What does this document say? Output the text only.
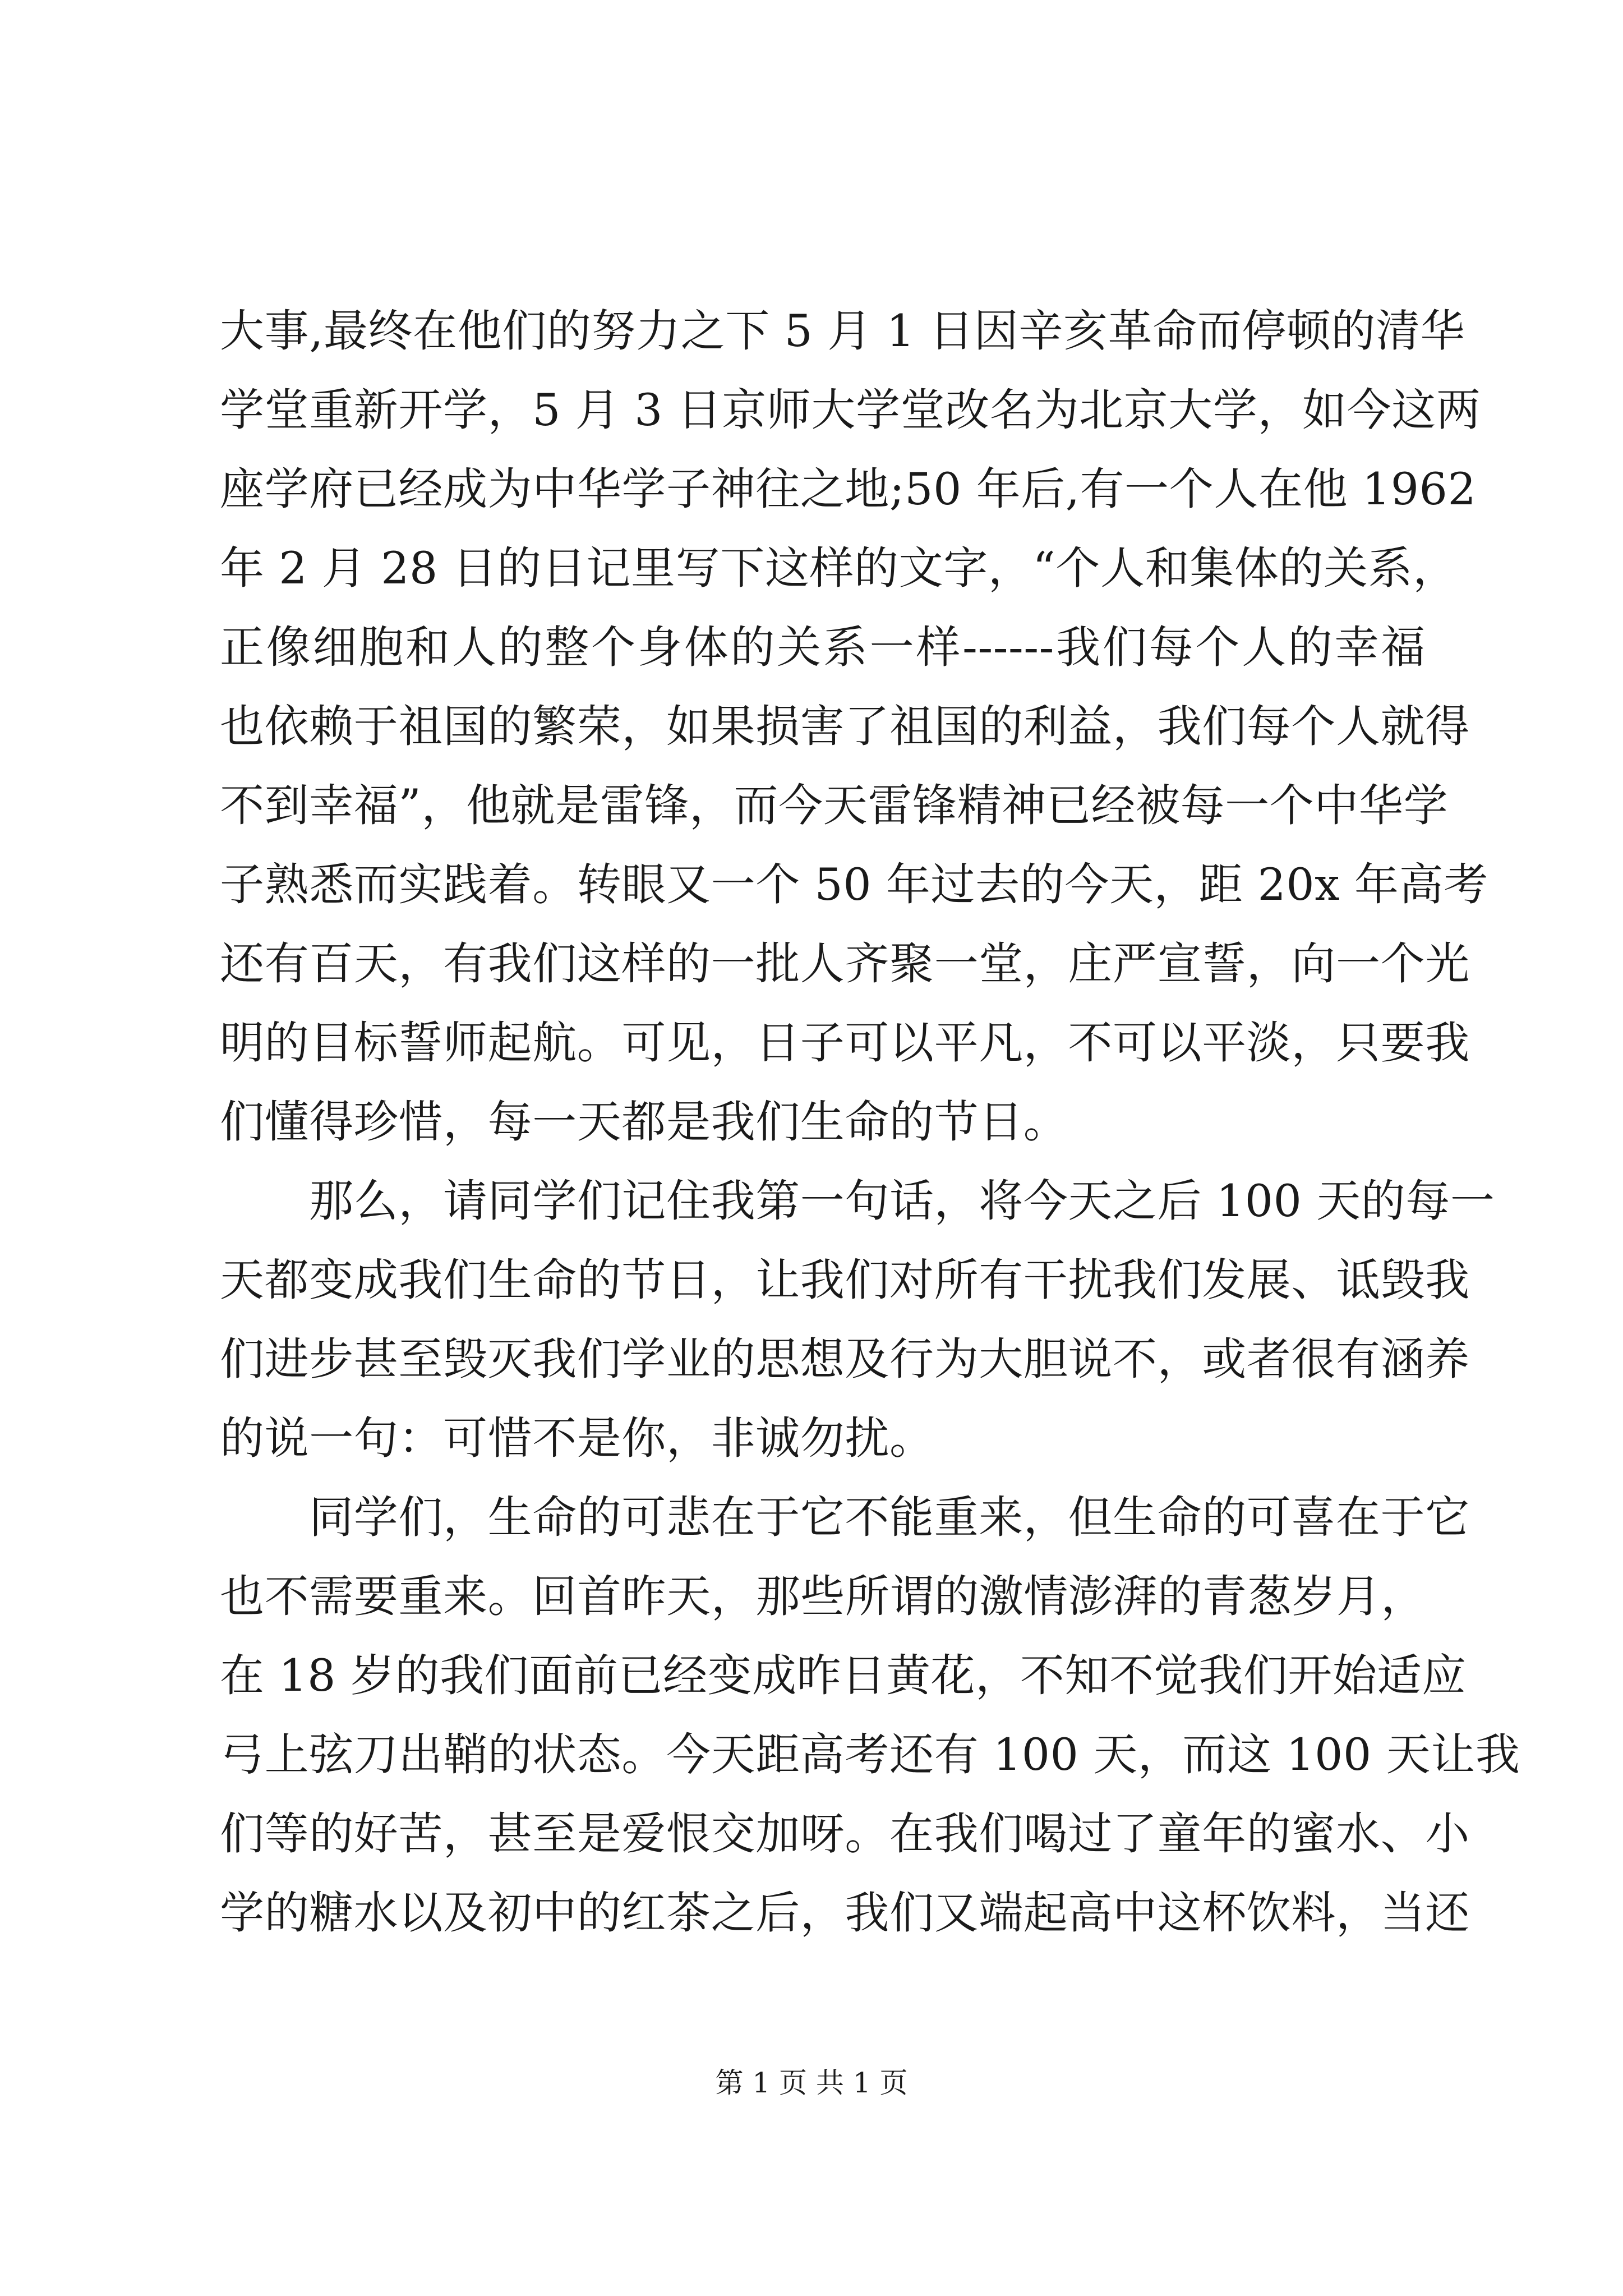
大事,最终在他们的努力之下 5 月 1 日因辛亥革命而停顿的清华
学堂重新开学，5 月 3 日京师大学堂改名为北京大学，如今这两
座学府已经成为中华学子神往之地;50 年后,有一个人在他 1962
年 2 月 28 日的日记里写下这样的文字，“个人和集体的关系，
正像细胞和人的整个身体的关系一样------我们每个人的幸福
也依赖于祖国的繁荣，如果损害了祖国的利益，我们每个人就得
不到幸福”，他就是雷锋，而今天雷锋精神已经被每一个中华学
子熟悉而实践着。转眼又一个 50 年过去的今天，距 20x 年高考
还有百天，有我们这样的一批人齐聚一堂，庄严宣誓，向一个光
明的目标誓师起航。可见，日子可以平凡，不可以平淡，只要我
们懂得珍惜，每一天都是我们生命的节日。
　　那么，请同学们记住我第一句话，将今天之后 100 天的每一
天都变成我们生命的节日，让我们对所有干扰我们发展、诋毁我
们进步甚至毁灭我们学业的思想及行为大胆说不，或者很有涵养
的说一句：可惜不是你，非诚勿扰。
　　同学们，生命的可悲在于它不能重来，但生命的可喜在于它
也不需要重来。回首昨天，那些所谓的激情澎湃的青葱岁月，
在 18 岁的我们面前已经变成昨日黄花，不知不觉我们开始适应
弓上弦刀出鞘的状态。今天距高考还有 100 天，而这 100 天让我
们等的好苦，甚至是爱恨交加呀。在我们喝过了童年的蜜水、小
学的糖水以及初中的红茶之后，我们又端起高中这杯饮料，当还
第 1 页 共 1 页
